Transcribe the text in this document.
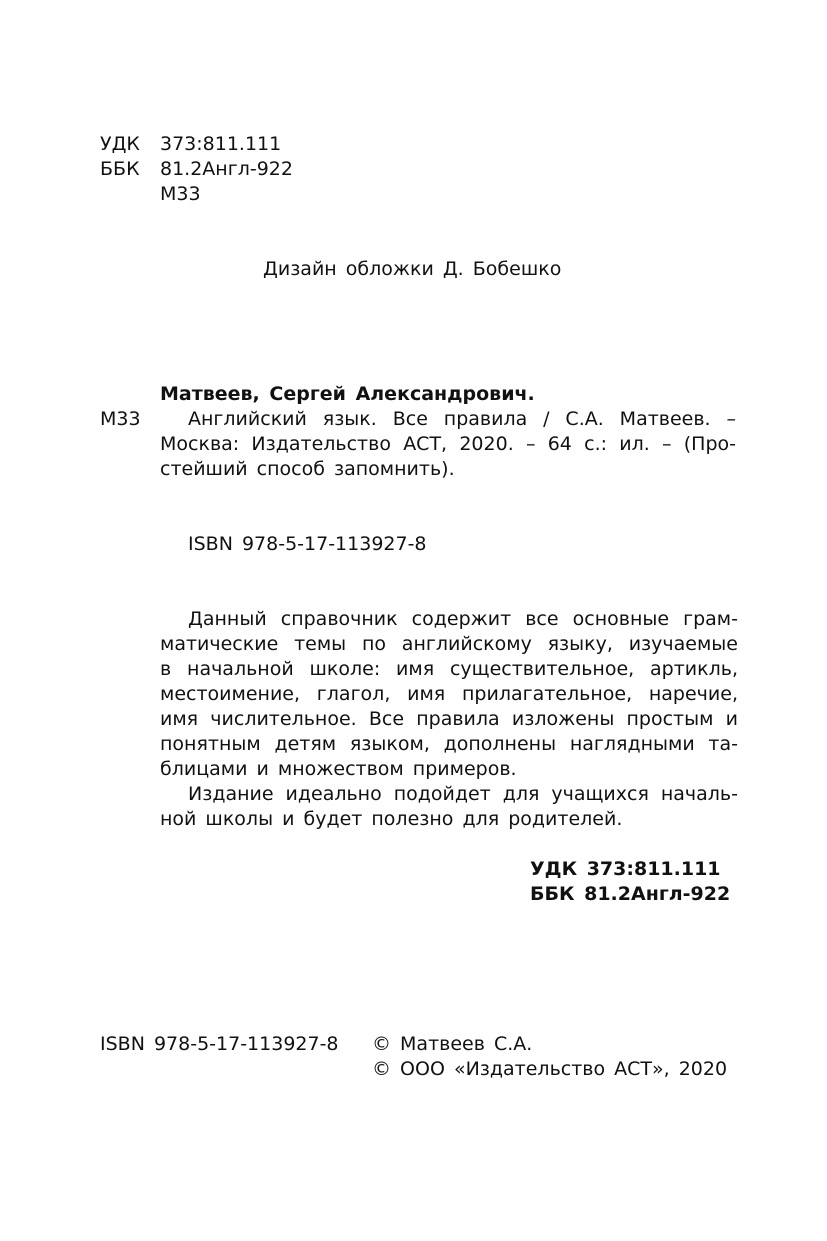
УДК 373:811.111
ББК 81.2Англ-922
М33
Дизайн обложки Д. Бобешко
Матвеев, Сергей Александрович.
М33 Английский язык. Все правила / С.А. Матвеев. –
Москва: Издательство АСТ, 2020. – 64 с.: ил. – (Про-
стейший способ запомнить).
ISBN 978-5-17-113927-8
Данный справочник содержит все основные грам-
матические темы по английскому языку, изучаемые
в начальной школе: имя существительное, артикль,
местоимение, глагол, имя прилагательное, наречие,
имя числительное. Все правила изложены простым и
понятным детям языком, дополнены наглядными та-
блицами и множеством примеров.
Издание идеально подойдет для учащихся началь-
ной школы и будет полезно для родителей.
УДК 373:811.111
ББК 81.2Англ-922
ISBN 978-5-17-113927-8 © Матвеев С.А.
© ООО «Издательство АСТ», 2020
